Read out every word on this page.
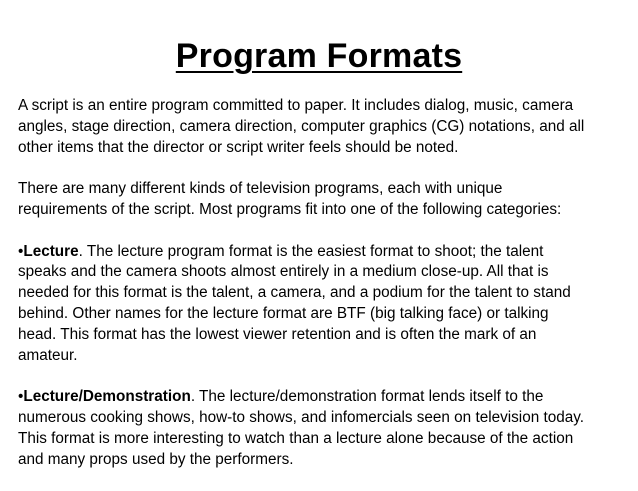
Program Formats

A script is an entire program committed to paper. It includes dialog, music, camera
angles, stage direction, camera direction, computer graphics (CG) notations, and all
other items that the director or script writer feels should be noted.

There are many different kinds of television programs, each with unique
requirements of the script. Most programs fit into one of the following categories:

•Lecture. The lecture program format is the easiest format to shoot; the talent
speaks and the camera shoots almost entirely in a medium close-up. All that is
needed for this format is the talent, a camera, and a podium for the talent to stand
behind. Other names for the lecture format are BTF (big talking face) or talking
head. This format has the lowest viewer retention and is often the mark of an
amateur.

•Lecture/Demonstration. The lecture/demonstration format lends itself to the
numerous cooking shows, how-to shows, and infomercials seen on television today.
This format is more interesting to watch than a lecture alone because of the action
and many props used by the performers.
